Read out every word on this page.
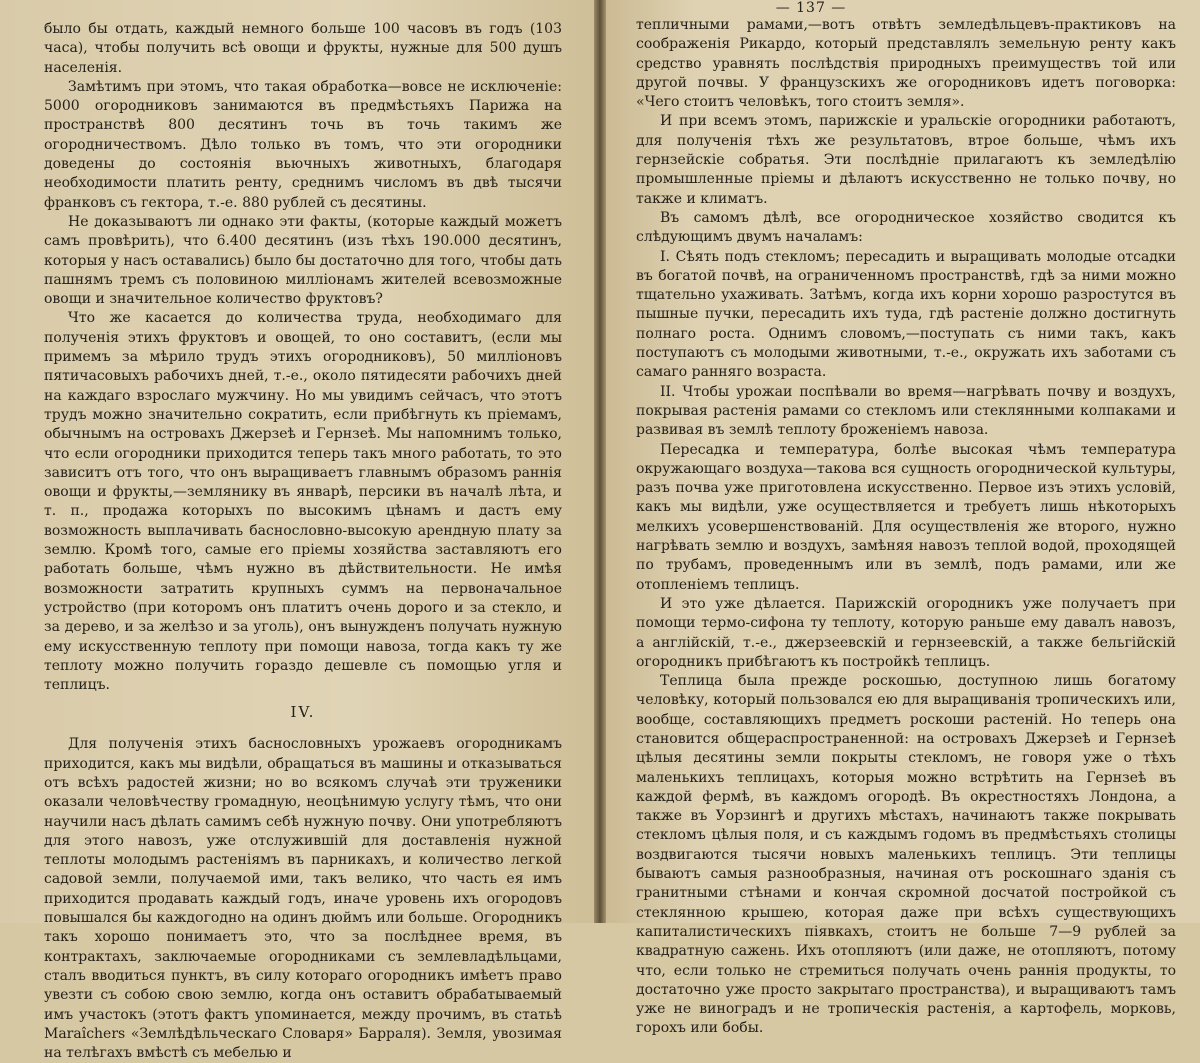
было бы отдать, каждый немного больше 100 часовъ въ годъ (103 часа), чтобы получить всѣ овощи и фрукты, нужные для 500 душъ населенія.

Замѣтимъ при этомъ, что такая обработка—вовсе не исключеніе: 5000 огородниковъ занимаются въ предмѣстьяхъ Парижа на пространствѣ 800 десятинъ точь въ точь такимъ же огородничествомъ. Дѣло только въ томъ, что эти огородники доведены до состоянія вьючныхъ животныхъ, благодаря необходимости платить ренту, среднимъ числомъ въ двѣ тысячи франковъ съ гектора, т.-е. 880 рублей съ десятины.

Не доказываютъ ли однако эти факты, (которые каждый можетъ самъ провѣрить), что 6.400 десятинъ (изъ тѣхъ 190.000 десятинъ, которыя у насъ оставались) было бы достаточно для того, чтобы дать пашнямъ тремъ съ половиною милліонамъ жителей всевозможные овощи и значительное количество фруктовъ?

Что же касается до количества труда, необходимаго для полученія этихъ фруктовъ и овощей, то оно составитъ, (если мы примемъ за мѣрило трудъ этихъ огородниковъ), 50 милліоновъ пятичасовыхъ рабочихъ дней, т.-е., около пятидесяти рабочихъ дней на каждаго взрослаго мужчину. Но мы увидимъ сейчасъ, что этотъ трудъ можно значительно сократить, если прибѣгнуть къ пріемамъ, обычнымъ на островахъ Джерзеѣ и Гернзеѣ. Мы напомнимъ только, что если огородники приходится теперь такъ много работать, то это зависитъ отъ того, что онъ выращиваетъ главнымъ образомъ раннія овощи и фрукты,—землянику въ январѣ, персики въ началѣ лѣта, и т. п., продажа которыхъ по высокимъ цѣнамъ и дастъ ему возможность выплачивать баснословно-высокую арендную плату за землю. Кромѣ того, самые его пріемы хозяйства заставляютъ его работать больше, чѣмъ нужно въ дѣйствительности. Не имѣя возможности затратить крупныхъ суммъ на первоначальное устройство (при которомъ онъ платитъ очень дорого и за стекло, и за дерево, и за желѣзо и за уголь), онъ вынужденъ получать нужную ему искусственную теплоту при помощи навоза, тогда какъ ту же теплоту можно получить гораздо дешевле съ помощью угля и теплицъ.

IV.

Для полученія этихъ баснословныхъ урожаевъ огородникамъ приходится, какъ мы видѣли, обращаться въ машины и отказываться отъ всѣхъ радостей жизни; но во всякомъ случаѣ эти труженики оказали человѣчеству громадную, неоцѣнимую услугу тѣмъ, что они научили насъ дѣлать самимъ себѣ нужную почву. Они употребляютъ для этого навозъ, уже отслужившій для доставленія нужной теплоты молодымъ растеніямъ въ парникахъ, и количество легкой садовой земли, получаемой ими, такъ велико, что часть ея имъ приходится продавать каждый годъ, иначе уровень ихъ огородовъ повышался бы каждогодно на одинъ дюймъ или больше. Огородникъ такъ хорошо понимаетъ это, что за послѣднее время, въ контрактахъ, заключаемые огородниками съ землевладѣльцами, сталъ вводиться пунктъ, въ силу котораго огородникъ имѣетъ право увезти съ собою свою землю, когда онъ оставитъ обрабатываемый имъ участокъ (этотъ фактъ упоминается, между прочимъ, въ статьѣ Maraîchers «Землѣдѣльческаго Словаря» Барраля). Земля, увозимая на телѣгахъ вмѣстѣ съ мебелью и

— 137 —

тепличными рамами,—вотъ отвѣтъ земледѣльцевъ-практиковъ на соображенія Рикардо, который представлялъ земельную ренту какъ средство уравнять послѣдствія природныхъ преимуществъ той или другой почвы. У французскихъ же огородниковъ идетъ поговорка: «Чего стоитъ человѣкъ, того стоитъ земля».

И при всемъ этомъ, парижскіе и уральскіе огородники работаютъ, для полученія тѣхъ же результатовъ, втрое больше, чѣмъ ихъ гернзейскіе собратья. Эти послѣдніе прилагаютъ къ земледѣлію промышленные пріемы и дѣлаютъ искусственно не только почву, но также и климатъ.

Въ самомъ дѣлѣ, все огородническое хозяйство сводится къ слѣдующимъ двумъ началамъ:

I. Сѣять подъ стекломъ; пересадить и выращивать молодые отсадки въ богатой почвѣ, на ограниченномъ пространствѣ, гдѣ за ними можно тщательно ухаживать. Затѣмъ, когда ихъ корни хорошо разростутся въ пышные пучки, пересадить ихъ туда, гдѣ растеніе должно достигнуть полнаго роста. Однимъ словомъ,—поступать съ ними такъ, какъ поступаютъ съ молодыми животными, т.-е., окружать ихъ заботами съ самаго ранняго возраста.

II. Чтобы урожаи поспѣвали во время—нагрѣвать почву и воздухъ, покрывая растенія рамами со стекломъ или стеклянными колпаками и развивая въ землѣ теплоту броженіемъ навоза.

Пересадка и температура, болѣе высокая чѣмъ температура окружающаго воздуха—такова вся сущность огороднической культуры, разъ почва уже приготовлена искусственно. Первое изъ этихъ условій, какъ мы видѣли, уже осуществляется и требуетъ лишь нѣкоторыхъ мелкихъ усовершенствованій. Для осуществленія же второго, нужно нагрѣвать землю и воздухъ, замѣняя навозъ теплой водой, проходящей по трубамъ, проведеннымъ или въ землѣ, подъ рамами, или же отопленіемъ теплицъ.

И это уже дѣлается. Парижскій огородникъ уже получаетъ при помощи термо-сифона ту теплоту, которую раньше ему давалъ навозъ, а англійскій, т.-е., джерзеевскій и гернзеевскій, а также бельгійскій огородникъ прибѣгаютъ къ постройкѣ теплицъ.

Теплица была прежде роскошью, доступною лишь богатому человѣку, который пользовался ею для выращиванія тропическихъ или, вообще, составляющихъ предметъ роскоши растеній. Но теперь она становится общераспространенной: на островахъ Джерзеѣ и Гернзеѣ цѣлыя десятины земли покрыты стекломъ, не говоря уже о тѣхъ маленькихъ теплицахъ, которыя можно встрѣтить на Гернзеѣ въ каждой фермѣ, въ каждомъ огородѣ. Въ окрестностяхъ Лондона, а также въ Уорзингѣ и другихъ мѣстахъ, начинаютъ также покрывать стекломъ цѣлыя поля, и съ каждымъ годомъ въ предмѣстьяхъ столицы воздвигаются тысячи новыхъ маленькихъ теплицъ. Эти теплицы бываютъ самыя разнообразныя, начиная отъ роскошнаго зданія съ гранитными стѣнами и кончая скромной досчатой постройкой съ стеклянною крышею, которая даже при всѣхъ существующихъ капиталистическихъ піявкахъ, стоитъ не больше 7—9 рублей за квадратную сажень. Ихъ отопляютъ (или даже, не отопляютъ, потому что, если только не стремиться получать очень раннія продукты, то достаточно уже просто закрытаго пространства), и выращиваютъ тамъ уже не виноградъ и не тропическія растенія, а картофель, морковь, горохъ или бобы.
